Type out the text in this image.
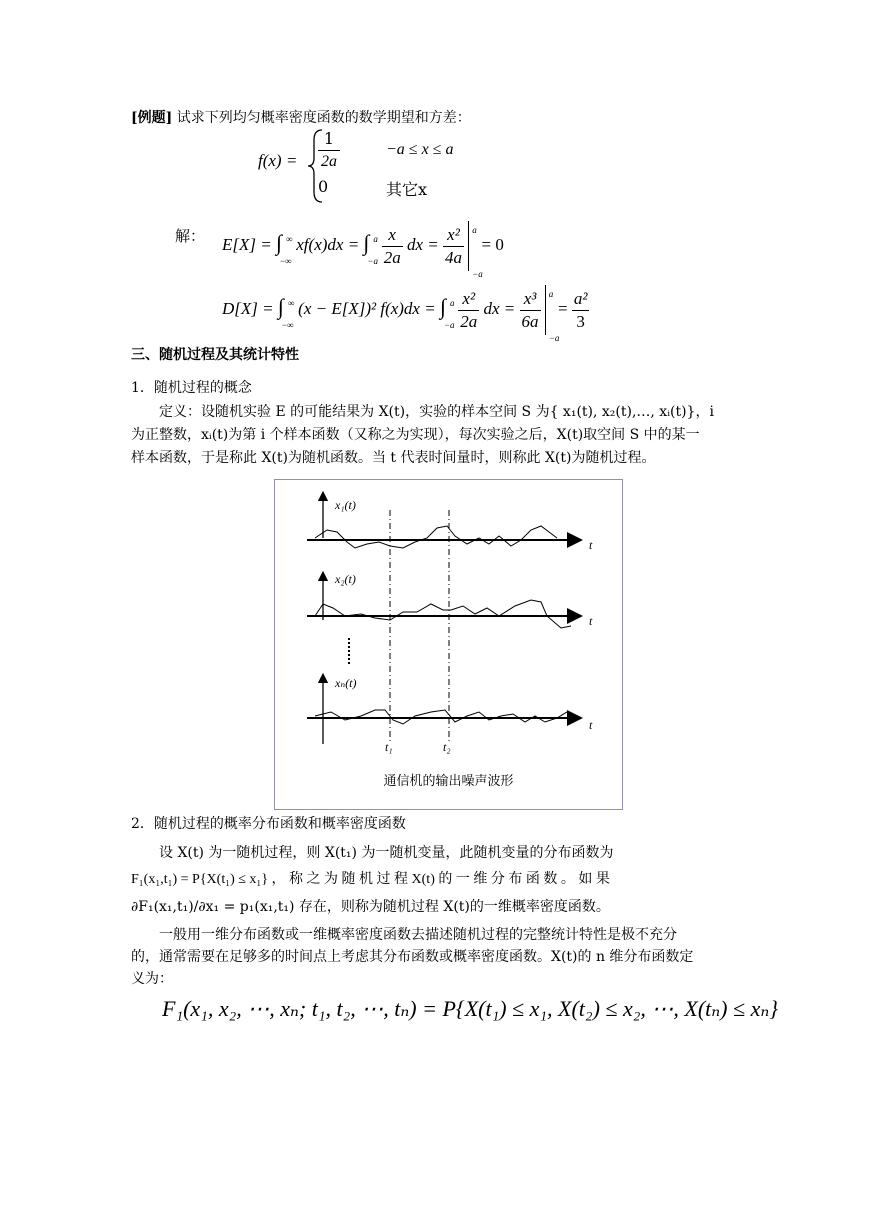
[例题] 试求下列均匀概率密度函数的数学期望和方差：
$f(x) = \frac{1}{2a}$	−a ≤ x ≤ a
0	其它x
解： E[X] = ∫ ∞
−∞
xf(x)dx = ∫ a
−a
$\frac{x}{2a}$ dx = $\frac{\text{x²}}{4a}$
a
−a
= 0
D[X] = ∫ ∞
−∞
(x − E[X])² f(x)dx = ∫ a
−a
$\frac{\text{x²}}{2a}$ dx = $\frac{\text{x³}}{6a}$
a
−a
= $\frac{\text{a²}}{3}$
三、随机过程及其统计特性
1．随机过程的概念
定义：设随机实验 E 的可能结果为 X(t)，实验的样本空间 S 为{ x₁(t), x₂(t),…, xᵢ(t)}，i
为正整数，xᵢ(t)为第 i 个样本函数（又称之为实现），每次实验之后，X(t)取空间 S 中的某一
样本函数，于是称此 X(t)为随机函数。当 t 代表时间量时，则称此 X(t)为随机过程。
x₁(t)
x₂(t)
xₙ(t)
t
t
t
t₁	t₂
通信机的输出噪声波形
2．随机过程的概率分布函数和概率密度函数
设 X(t) 为一随机过程，则 X(t₁) 为一随机变量，此随机变量的分布函数为
F₁(x₁,t₁) = P{X(t₁) ≤ x₁} ， 称 之 为 随 机 过 程 X(t) 的 一 维 分 布 函 数 。 如 果
∂F₁(x₁,t₁)/∂x₁ = p₁(x₁,t₁) 存在，则称为随机过程 X(t)的一维概率密度函数。
一般用一维分布函数或一维概率密度函数去描述随机过程的完整统计特性是极不充分
的，通常需要在足够多的时间点上考虑其分布函数或概率密度函数。X(t)的 n 维分布函数定
义为：
F₁(x₁, x₂, ⋯, xₙ; t₁, t₂, ⋯, tₙ) = P{X(t₁) ≤ x₁, X(t₂) ≤ x₂, ⋯, X(tₙ) ≤ xₙ}
